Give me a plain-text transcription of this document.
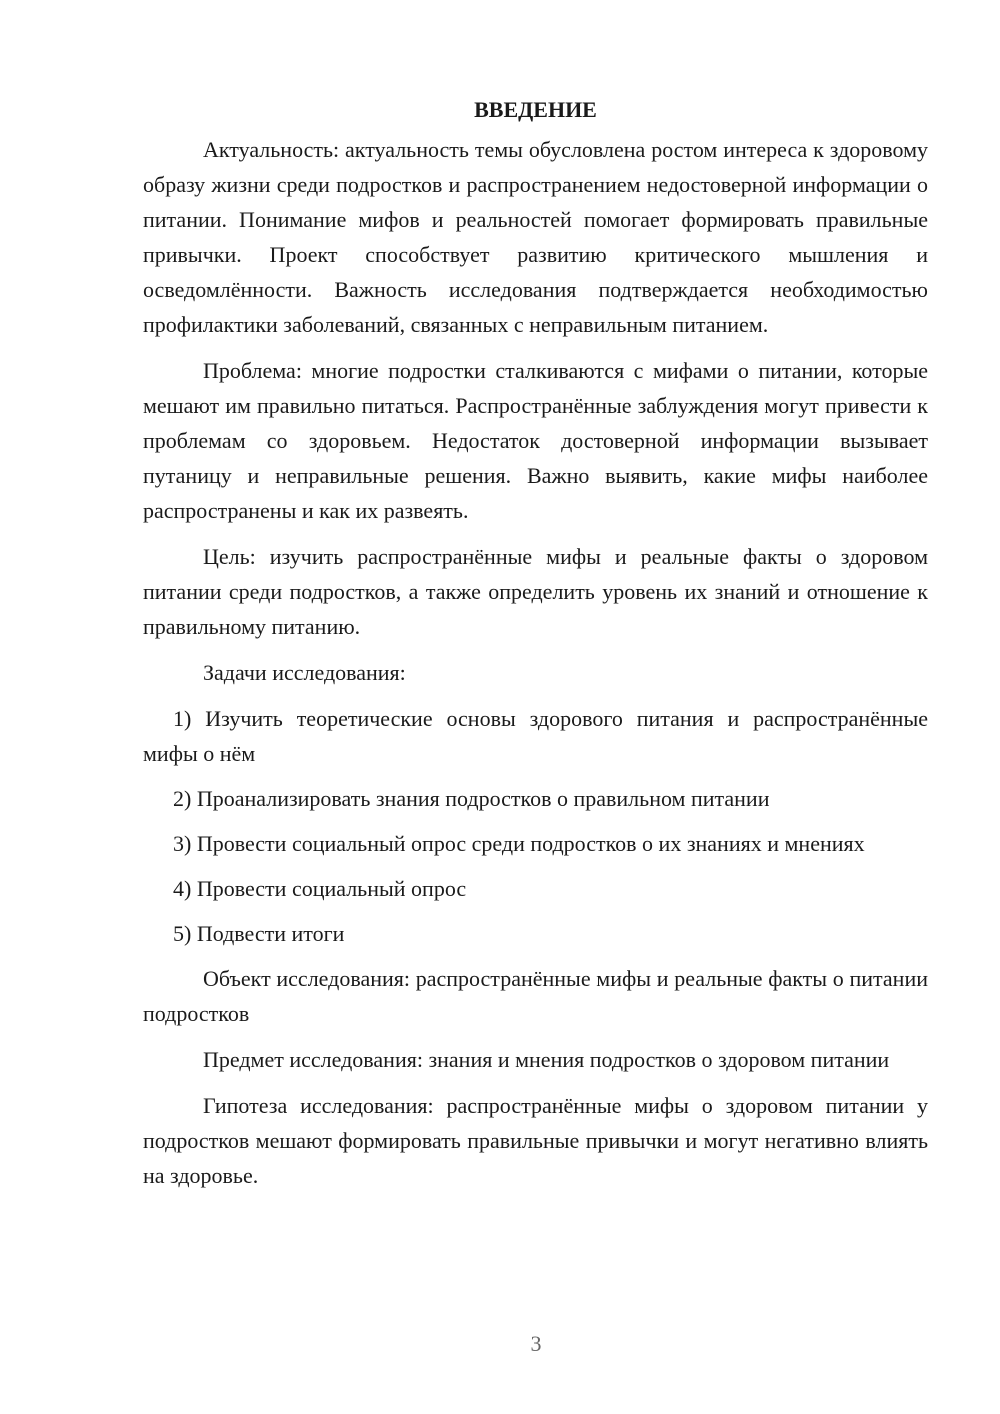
ВВЕДЕНИЕ

Актуальность: актуальность темы обусловлена ростом интереса к здоровому образу жизни среди подростков и распространением недостоверной информации о питании. Понимание мифов и реальностей помогает формировать правильные привычки. Проект способствует развитию критического мышления и осведомлённости. Важность исследования подтверждается необходимостью профилактики заболеваний, связанных с неправильным питанием.

Проблема: многие подростки сталкиваются с мифами о питании, которые мешают им правильно питаться. Распространённые заблуждения могут привести к проблемам со здоровьем. Недостаток достоверной информации вызывает путаницу и неправильные решения. Важно выявить, какие мифы наиболее распространены и как их развеять.

Цель: изучить распространённые мифы и реальные факты о здоровом питании среди подростков, а также определить уровень их знаний и отношение к правильному питанию.

Задачи исследования:

1) Изучить теоретические основы здорового питания и распространённые мифы о нём

2) Проанализировать знания подростков о правильном питании

3) Провести социальный опрос среди подростков о их знаниях и мнениях

4) Провести социальный опрос

5) Подвести итоги

Объект исследования: распространённые мифы и реальные факты о питании подростков

Предмет исследования: знания и мнения подростков о здоровом питании

Гипотеза исследования: распространённые мифы о здоровом питании у подростков мешают формировать правильные привычки и могут негативно влиять на здоровье.

3
